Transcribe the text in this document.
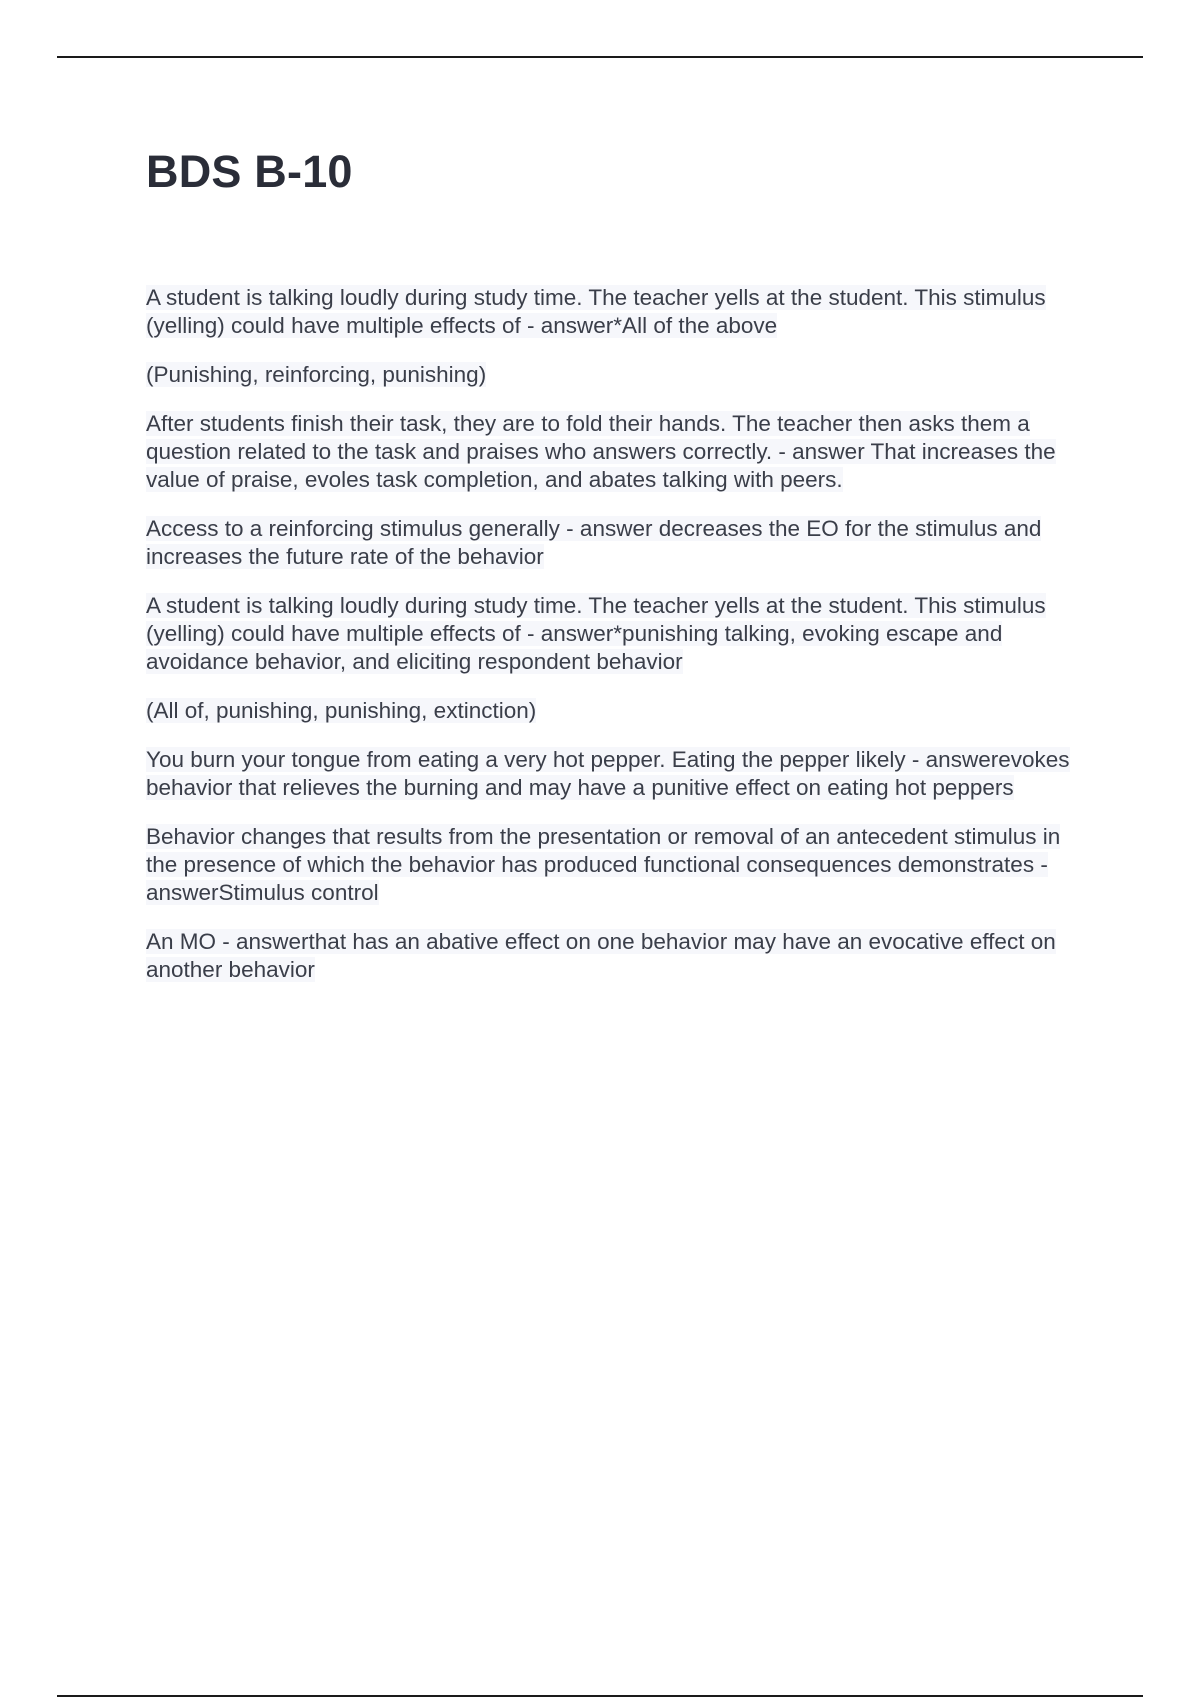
BDS B-10

A student is talking loudly during study time. The teacher yells at the student. This stimulus (yelling) could have multiple effects of - answer*All of the above

(Punishing, reinforcing, punishing)

After students finish their task, they are to fold their hands. The teacher then asks them a question related to the task and praises who answers correctly. - answer That increases the value of praise, evoles task completion, and abates talking with peers.

Access to a reinforcing stimulus generally - answer decreases the EO for the stimulus and increases the future rate of the behavior

A student is talking loudly during study time. The teacher yells at the student. This stimulus (yelling) could have multiple effects of - answer*punishing talking, evoking escape and avoidance behavior, and eliciting respondent behavior

(All of, punishing, punishing, extinction)

You burn your tongue from eating a very hot pepper. Eating the pepper likely - answerevokes behavior that relieves the burning and may have a punitive effect on eating hot peppers

Behavior changes that results from the presentation or removal of an antecedent stimulus in the presence of which the behavior has produced functional consequences demonstrates - answerStimulus control

An MO - answerthat has an abative effect on one behavior may have an evocative effect on another behavior
